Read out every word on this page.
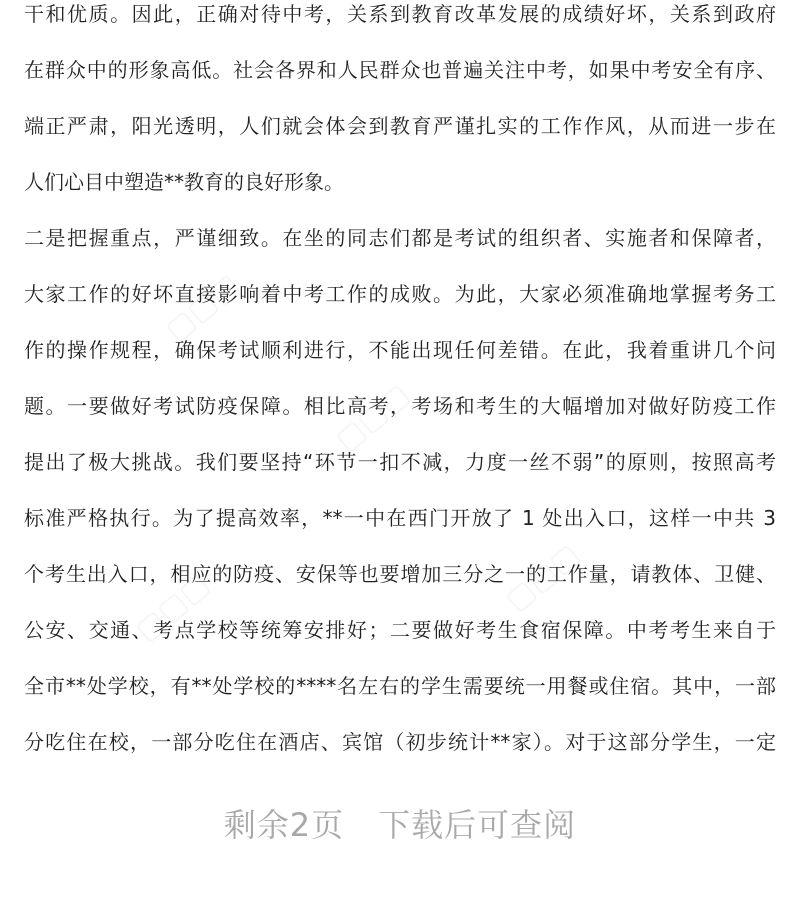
▢▢▢
▢▢▢
▢▢▢
▢▢▢
干和优质。因此，正确对待中考，关系到教育改革发展的成绩好坏，关系到政府
在群众中的形象高低。社会各界和人民群众也普遍关注中考，如果中考安全有序、
端正严肃，阳光透明，人们就会体会到教育严谨扎实的工作作风，从而进一步在
人们心目中塑造**教育的良好形象。
二是把握重点，严谨细致。在坐的同志们都是考试的组织者、实施者和保障者，
大家工作的好坏直接影响着中考工作的成败。为此，大家必须准确地掌握考务工
作的操作规程，确保考试顺利进行，不能出现任何差错。在此，我着重讲几个问
题。一要做好考试防疫保障。相比高考，考场和考生的大幅增加对做好防疫工作
提出了极大挑战。我们要坚持“环节一扣不减，力度一丝不弱”的原则，按照高考
标准严格执行。为了提高效率，**一中在西门开放了 1 处出入口，这样一中共 3
个考生出入口，相应的防疫、安保等也要增加三分之一的工作量，请教体、卫健、
公安、交通、考点学校等统筹安排好；二要做好考生食宿保障。中考考生来自于
全市**处学校，有**处学校的****名左右的学生需要统一用餐或住宿。其中，一部
分吃住在校，一部分吃住在酒店、宾馆（初步统计**家）。对于这部分学生，一定
剩余2页 下载后可查阅
